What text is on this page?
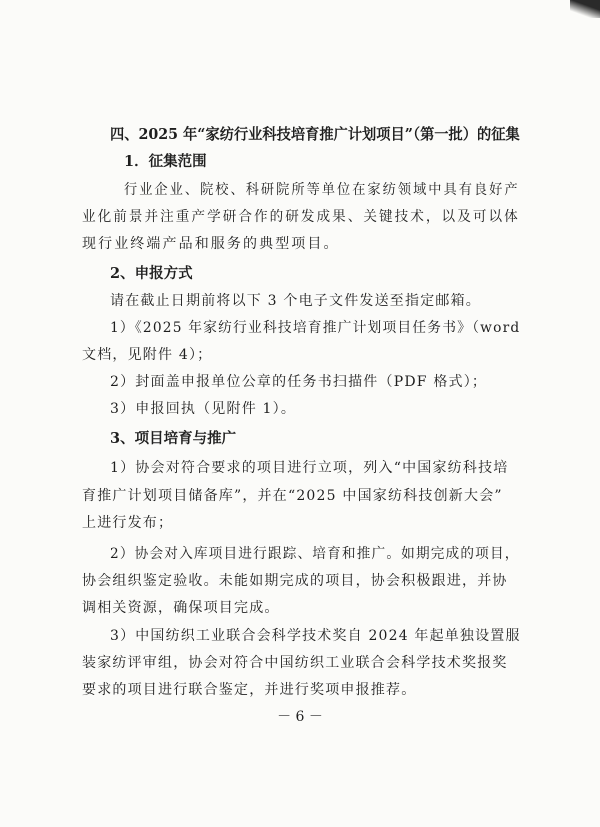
四、2025 年“家纺行业科技培育推广计划项目”（第一批）的征集
1．征集范围
行业企业、院校、科研院所等单位在家纺领域中具有良好产
业化前景并注重产学研合作的研发成果、关键技术，以及可以体
现行业终端产品和服务的典型项目。
2、申报方式
请在截止日期前将以下 3 个电子文件发送至指定邮箱。
1）《2025 年家纺行业科技培育推广计划项目任务书》（word
文档，见附件 4）；
2）封面盖申报单位公章的任务书扫描件（PDF 格式）；
3）申报回执（见附件 1）。
3、项目培育与推广
1）协会对符合要求的项目进行立项，列入“中国家纺科技培
育推广计划项目储备库”，并在“2025 中国家纺科技创新大会”
上进行发布；
2）协会对入库项目进行跟踪、培育和推广。如期完成的项目，
协会组织鉴定验收。未能如期完成的项目，协会积极跟进，并协
调相关资源，确保项目完成。
3）中国纺织工业联合会科学技术奖自 2024 年起单独设置服
装家纺评审组，协会对符合中国纺织工业联合会科学技术奖报奖
要求的项目进行联合鉴定，并进行奖项申报推荐。
－ 6 －
